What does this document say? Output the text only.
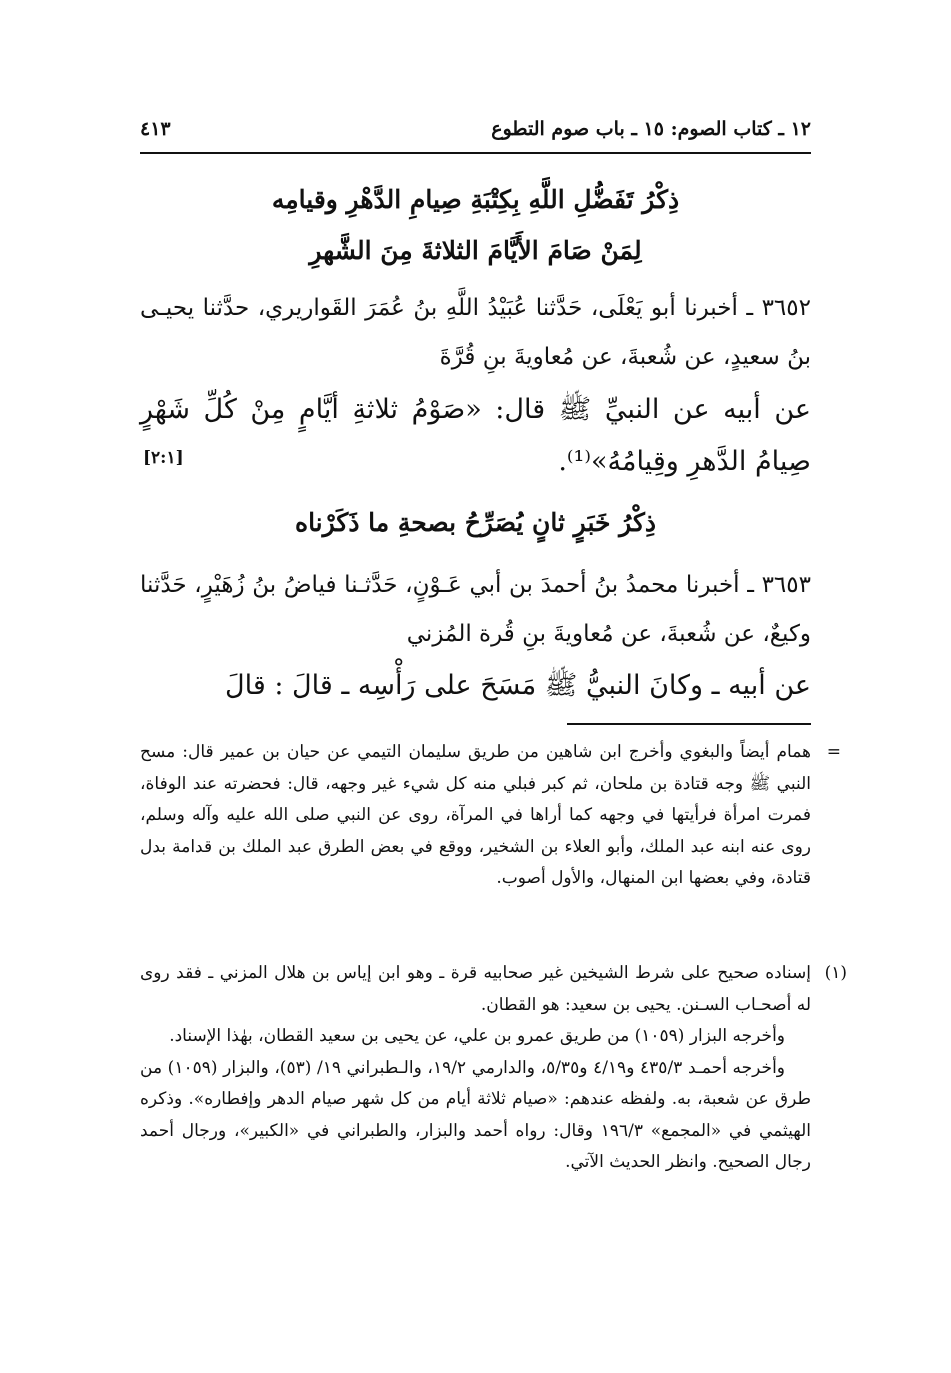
١٢ ـ كتاب الصوم: ١٥ ـ باب صوم التطوع
٤١٣
ذِكْرُ تَفَضُّلِ اللَّهِ بِكِتْبَةِ صِيامِ الدَّهْرِ وقيامِه
لِمَنْ صَامَ الأَيَّامَ الثلاثةَ مِنَ الشَّهرِ
٣٦٥٢ ـ أخبرنا أبو يَعْلَى، حَدَّثنا عُبَيْدُ اللَّهِ بنُ عُمَرَ القَواريري، حدَّثنا يحيـى بنُ سعيدٍ، عن شُعبةَ، عن مُعاويةَ بنِ قُرَّةَ
عن أبيه عن النبيِّ ﷺ قال: «صَوْمُ ثلاثةِ أيَّامٍ مِنْ كُلِّ شَهْرٍ صِيامُ الدَّهرِ وقِيامُهُ»⁽¹⁾.
[٢:١]
ذِكْرُ خَبَرٍ ثانٍ يُصَرِّحُ بصحةِ ما ذَكَرْناه
٣٦٥٣ ـ أخبرنا محمدُ بنُ أحمدَ بن أبي عَـوْنٍ، حَدَّثـنا فياضُ بنُ زُهَيْرٍ، حَدَّثنا وكيعٌ، عن شُعبةَ، عن مُعاويةَ بنِ قُرة المُزني
عن أبيه ـ وكانَ النبيُّ ﷺ مَسَحَ على رَأْسِه ـ قالَ : قالَ
=
همام أيضاً والبغوي وأخرج ابن شاهين من طريق سليمان التيمي عن حيان بن عمير قال: مسح النبي ﷺ وجه قتادة بن ملحان، ثم كبر فبلي منه كل شيء غير وجهه، قال: فحضرته عند الوفاة، فمرت امرأة فرأيتها في وجهه كما أراها في المرآة، روى عن النبي صلى الله عليه وآله وسلم، روى عنه ابنه عبد الملك، وأبو العلاء بن الشخير، ووقع في بعض الطرق عبد الملك بن قدامة بدل قتادة، وفي بعضها ابن المنهال، والأول أصوب.
(١)
إسناده صحيح على شرط الشيخين غير صحابيه قرة ـ وهو ابن إياس بن هلال المزني ـ فقد روى له أصحـاب السـنن. يحيى بن سعيد: هو القطان.
وأخرجه البزار (١٠٥٩) من طريق عمرو بن علي، عن يحيى بن سعيد القطان، بهٰذا الإسناد.
وأخرجه أحمـد ٤٣٥/٣ و٤/١٩ و٥/٣٥، والدارمي ١٩/٢، والـطبراني ١٩/ (٥٣)، والبزار (١٠٥٩) من طرق عن شعبة، به. ولفظه عندهم: «صيام ثلاثة أيام من كل شهر صيام الدهر وإفطاره». وذكره الهيثمي في «المجمع» ١٩٦/٣ وقال: رواه أحمد والبزار، والطبراني في «الكبير»، ورجال أحمد رجال الصحيح. وانظر الحديث الآتي.
